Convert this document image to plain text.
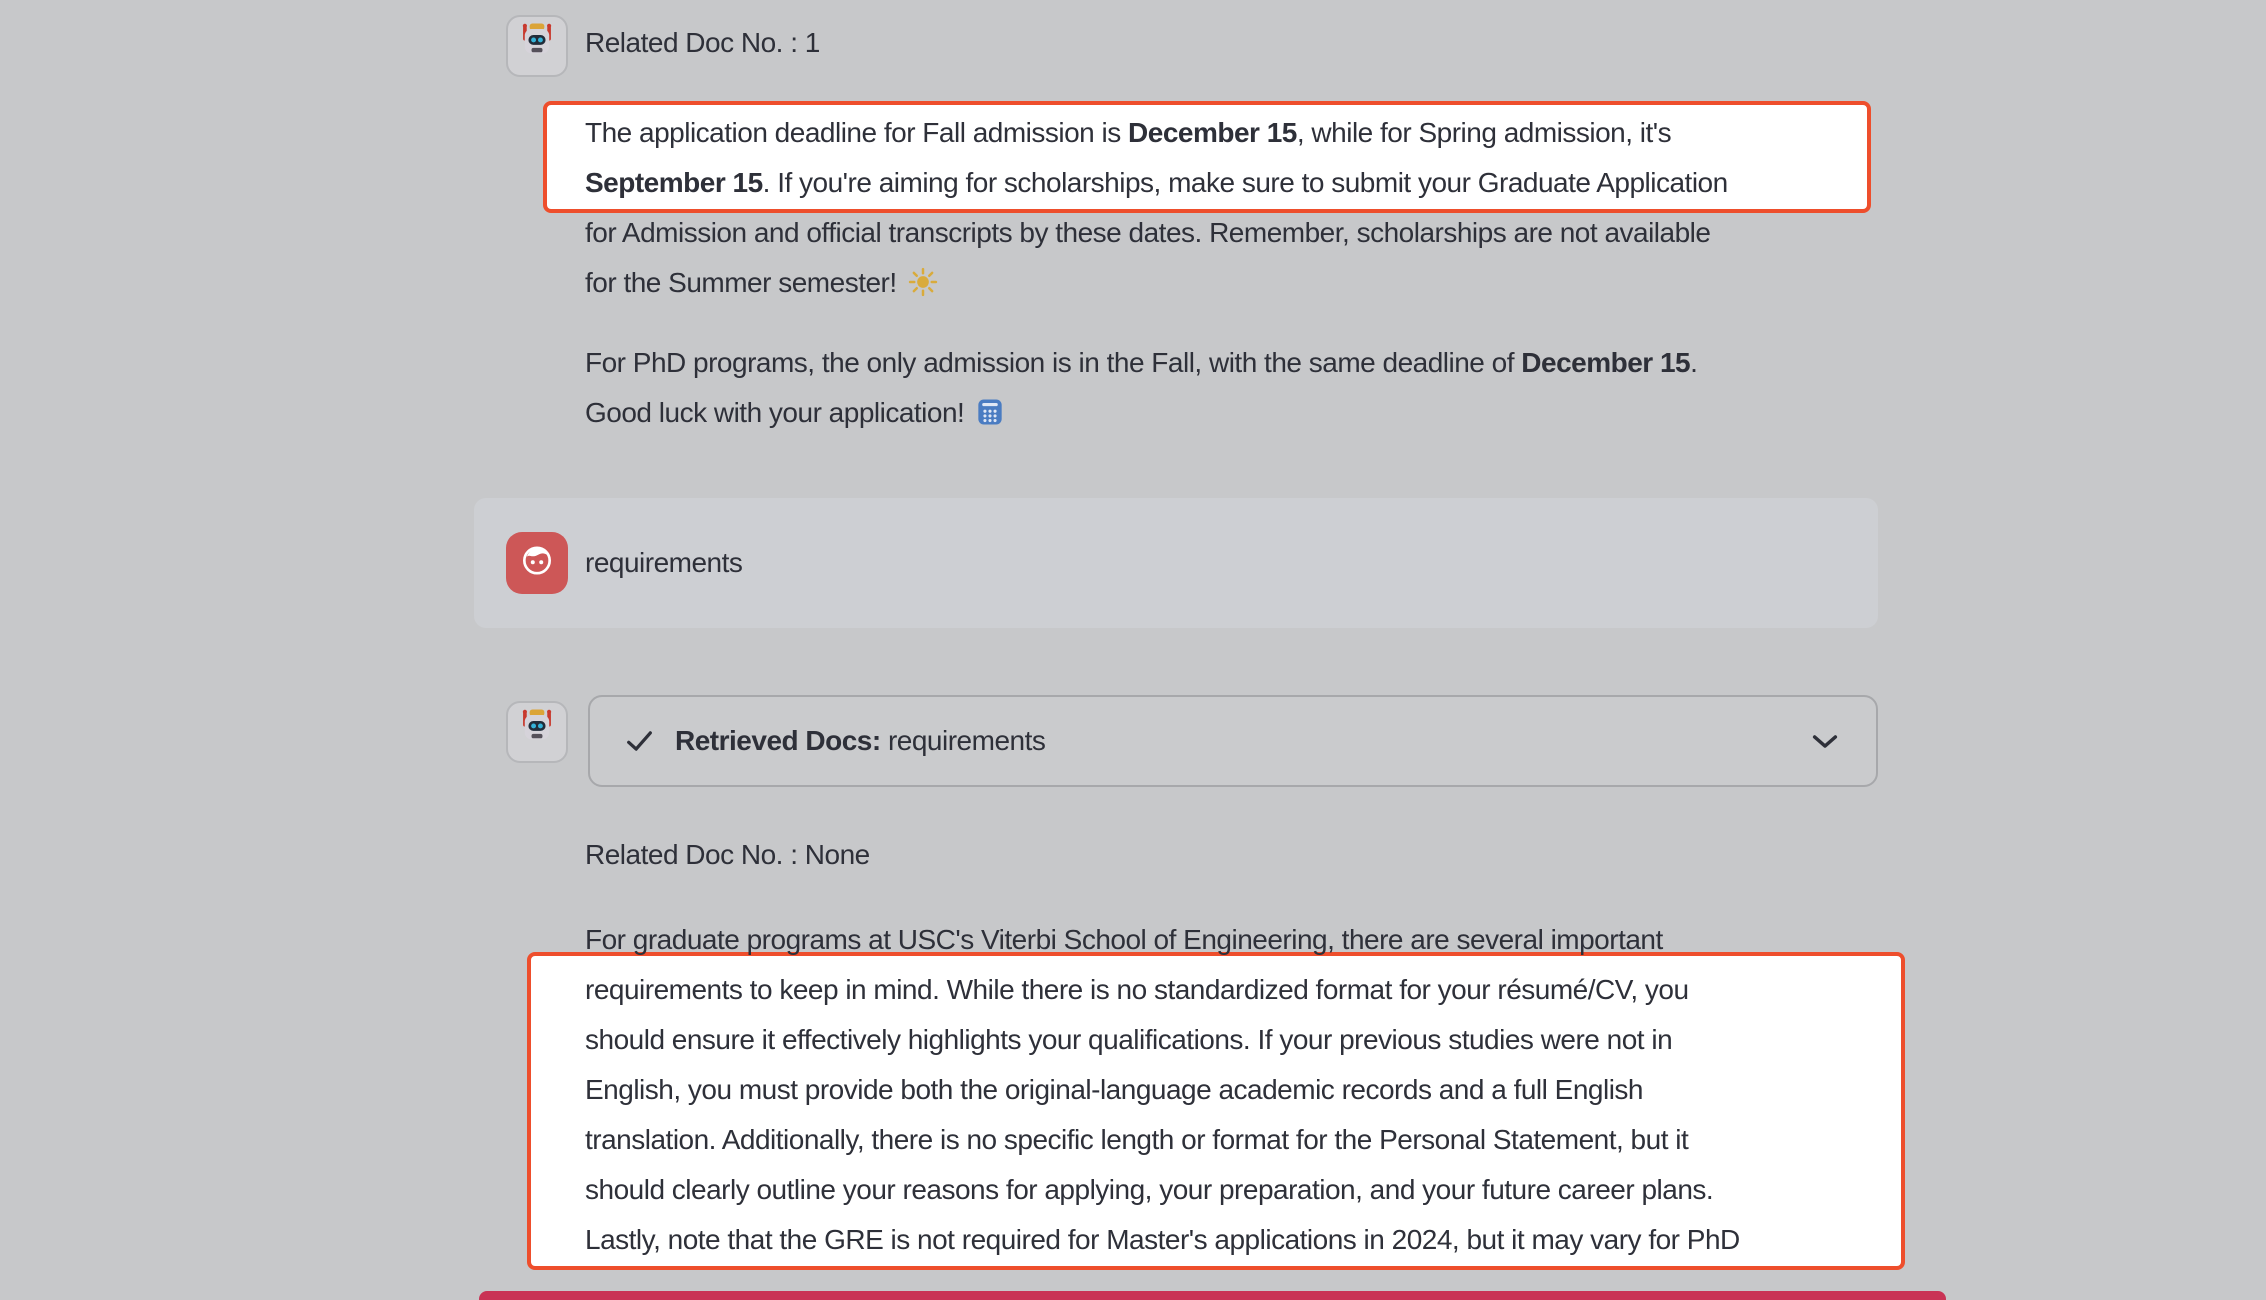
Related Doc No. : 1
The application deadline for Fall admission is December 15, while for Spring admission, it's
September 15. If you're aiming for scholarships, make sure to submit your Graduate Application
for Admission and official transcripts by these dates. Remember, scholarships are not available
for the Summer semester!
For PhD programs, the only admission is in the Fall, with the same deadline of December 15.
Good luck with your application!
requirements
Retrieved Docs: requirements
Related Doc No. : None
For graduate programs at USC's Viterbi School of Engineering, there are several important
requirements to keep in mind. While there is no standardized format for your résumé/CV, you
should ensure it effectively highlights your qualifications. If your previous studies were not in
English, you must provide both the original-language academic records and a full English
translation. Additionally, there is no specific length or format for the Personal Statement, but it
should clearly outline your reasons for applying, your preparation, and your future career plans.
Lastly, note that the GRE is not required for Master's applications in 2024, but it may vary for PhD
